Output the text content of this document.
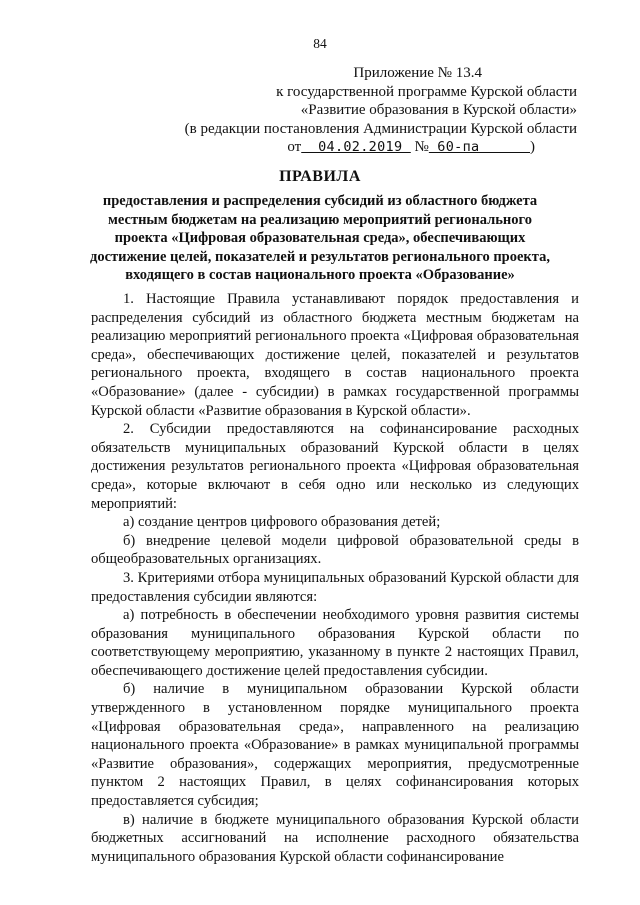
84
Приложение № 13.4
к государственной программе Курской области
«Развитие образования в Курской области»
(в редакции постановления Администрации Курской области
от  04.02.2019  № 60-па      )
ПРАВИЛА
предоставления и распределения субсидий из областного бюджета местным бюджетам на реализацию мероприятий регионального проекта «Цифровая образовательная среда», обеспечивающих достижение целей, показателей и результатов регионального проекта, входящего в состав национального проекта «Образование»

1. Настоящие Правила устанавливают порядок предоставления и распределения субсидий из областного бюджета местным бюджетам на реализацию мероприятий регионального проекта «Цифровая образовательная среда», обеспечивающих достижение целей, показателей и результатов регионального проекта, входящего в состав национального проекта «Образование» (далее - субсидии) в рамках государственной программы Курской области «Развитие образования в Курской области».

2. Субсидии предоставляются на софинансирование расходных обязательств муниципальных образований Курской области в целях достижения результатов регионального проекта «Цифровая образовательная среда», которые включают в себя одно или несколько из следующих мероприятий:

а) создание центров цифрового образования детей;

б) внедрение целевой модели цифровой образовательной среды в общеобразовательных организациях.

3. Критериями отбора муниципальных образований Курской области для предоставления субсидии являются:

а) потребность в обеспечении необходимого уровня развития системы образования муниципального образования Курской области по соответствующему мероприятию, указанному в пункте 2 настоящих Правил, обеспечивающего достижение целей предоставления субсидии.

б) наличие в муниципальном образовании Курской области утвержденного в установленном порядке муниципального проекта «Цифровая образовательная среда», направленного на реализацию национального проекта «Образование» в рамках муниципальной программы «Развитие образования», содержащих мероприятия, предусмотренные пунктом 2 настоящих Правил, в целях софинансирования которых предоставляется субсидия;

в) наличие в бюджете муниципального образования Курской области бюджетных ассигнований на исполнение расходного обязательства муниципального образования Курской области софинансирование
